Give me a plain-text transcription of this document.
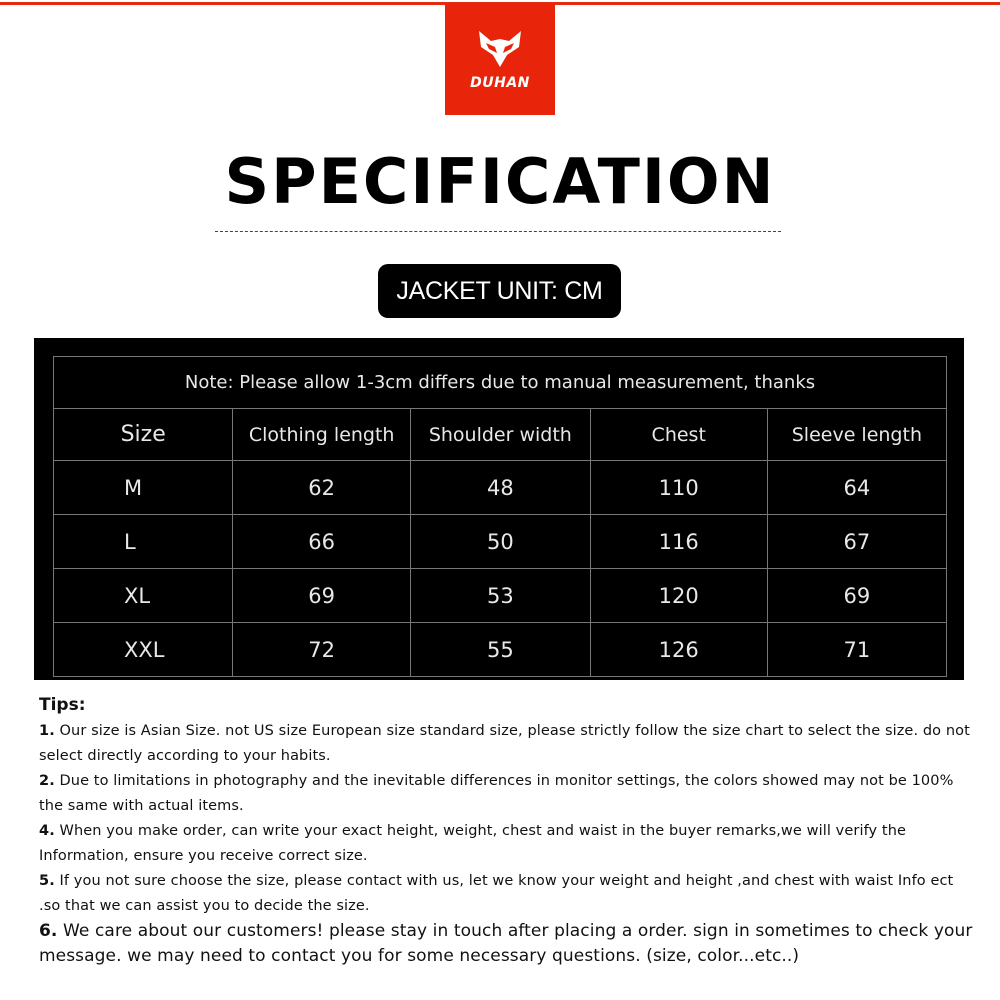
DUHAN
SPECIFICATION
JACKET UNIT: CM
Note: Please allow 1-3cm differs due to manual measurement, thanks				
Size	Clothing length	Shoulder width	Chest	Sleeve length
M	62	48	110	64
L	66	50	116	67
XL	69	53	120	69
XXL	72	55	126	71
Tips:
1. Our size is Asian Size. not US size European size standard size, please strictly follow the size chart to select the size. do not select directly according to your habits.
2. Due to limitations in photography and the inevitable differences in monitor settings, the colors showed may not be 100% the same with actual items.
4. When you make order, can write your exact height, weight, chest and waist in the buyer remarks,we will verify the Information, ensure you receive correct size.
5. If you not sure choose the size, please contact with us, let we know your weight and height ,and chest with waist Info ect .so that we can assist you to decide the size.
6. We care about our customers! please stay in touch after placing a order. sign in sometimes to check your message. we may need to contact you for some necessary questions. (size, color...etc..)
